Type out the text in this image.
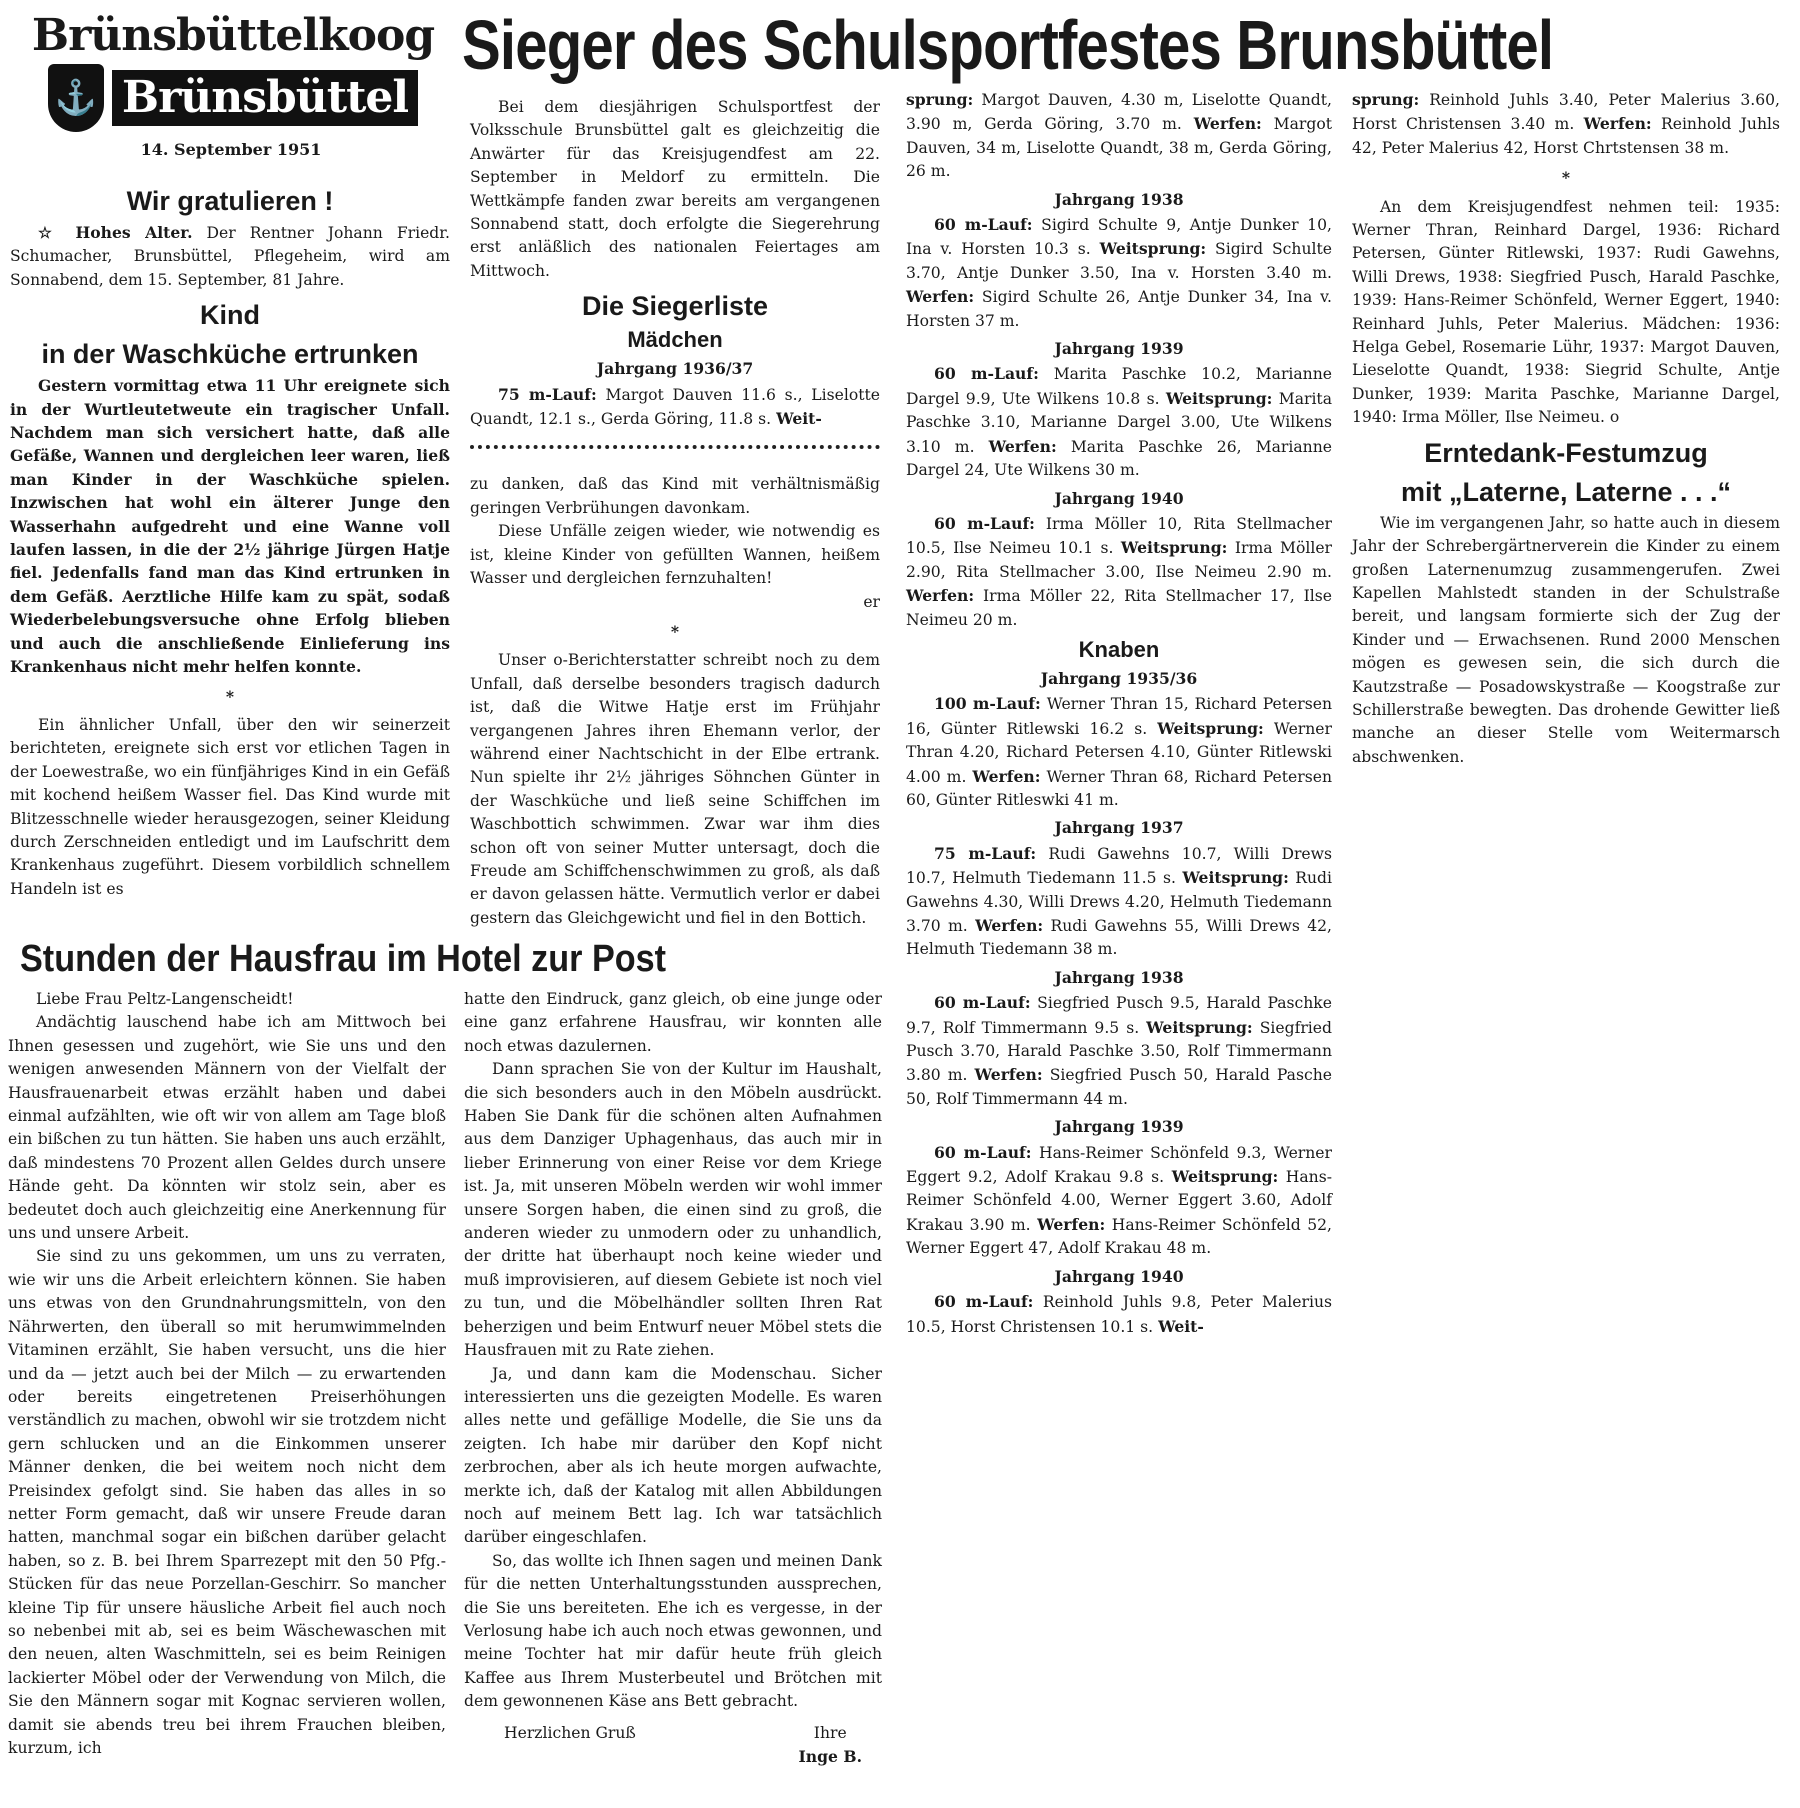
Brünsbüttelkoog
⚓ Brünsbüttel
14. September 1951
Sieger des Schulsportfestes Brunsbüttel
Wir gratulieren !

☆ Hohes Alter. Der Rentner Johann Friedr. Schumacher, Brunsbüttel, Pflegeheim, wird am Sonnabend, dem 15. September, 81 Jahre.

Kind
in der Waschküche ertrunken

Gestern vormittag etwa 11 Uhr ereignete sich in der Wurtleutetweute ein tragischer Unfall. Nachdem man sich versichert hatte, daß alle Gefäße, Wannen und dergleichen leer waren, ließ man Kinder in der Waschküche spielen. Inzwischen hat wohl ein älterer Junge den Wasserhahn aufgedreht und eine Wanne voll laufen lassen, in die der 2½ jährige Jürgen Hatje fiel. Jedenfalls fand man das Kind ertrunken in dem Gefäß. Aerztliche Hilfe kam zu spät, sodaß Wiederbelebungsversuche ohne Erfolg blieben und auch die anschließende Einlieferung ins Krankenhaus nicht mehr helfen konnte.

*

Ein ähnlicher Unfall, über den wir seinerzeit berichteten, ereignete sich erst vor etlichen Tagen in der Loewestraße, wo ein fünfjähriges Kind in ein Gefäß mit kochend heißem Wasser fiel. Das Kind wurde mit Blitzesschnelle wieder herausgezogen, seiner Kleidung durch Zerschneiden entledigt und im Laufschritt dem Krankenhaus zugeführt. Diesem vorbildlich schnellem Handeln ist es

Bei dem diesjährigen Schulsportfest der Volksschule Brunsbüttel galt es gleichzeitig die Anwärter für das Kreisjugendfest am 22. September in Meldorf zu ermitteln. Die Wettkämpfe fanden zwar bereits am vergangenen Sonnabend statt, doch erfolgte die Siegerehrung erst anläßlich des nationalen Feiertages am Mittwoch.

Die Siegerliste
Mädchen
Jahrgang 1936/37

75 m-Lauf: Margot Dauven 11.6 s., Liselotte Quandt, 12.1 s., Gerda Göring, 11.8 s. Weit-

zu danken, daß das Kind mit verhältnismäßig geringen Verbrühungen davonkam.

Diese Unfälle zeigen wieder, wie notwendig es ist, kleine Kinder von gefüllten Wannen, heißem Wasser und dergleichen fernzuhalten!

er
*

Unser o-Berichterstatter schreibt noch zu dem Unfall, daß derselbe besonders tragisch dadurch ist, daß die Witwe Hatje erst im Frühjahr vergangenen Jahres ihren Ehemann verlor, der während einer Nachtschicht in der Elbe ertrank. Nun spielte ihr 2½ jähriges Söhnchen Günter in der Waschküche und ließ seine Schiffchen im Waschbottich schwimmen. Zwar war ihm dies schon oft von seiner Mutter untersagt, doch die Freude am Schiffchenschwimmen zu groß, als daß er davon gelassen hätte. Vermutlich verlor er dabei gestern das Gleichgewicht und fiel in den Bottich.

sprung: Margot Dauven, 4.30 m, Liselotte Quandt, 3.90 m, Gerda Göring, 3.70 m. Werfen: Margot Dauven, 34 m, Liselotte Quandt, 38 m, Gerda Göring, 26 m.

Jahrgang 1938

60 m-Lauf: Sigird Schulte 9, Antje Dunker 10, Ina v. Horsten 10.3 s. Weitsprung: Sigird Schulte 3.70, Antje Dunker 3.50, Ina v. Horsten 3.40 m. Werfen: Sigird Schulte 26, Antje Dunker 34, Ina v. Horsten 37 m.

Jahrgang 1939

60 m-Lauf: Marita Paschke 10.2, Marianne Dargel 9.9, Ute Wilkens 10.8 s. Weitsprung: Marita Paschke 3.10, Marianne Dargel 3.00, Ute Wilkens 3.10 m. Werfen: Marita Paschke 26, Marianne Dargel 24, Ute Wilkens 30 m.

Jahrgang 1940

60 m-Lauf: Irma Möller 10, Rita Stellmacher 10.5, Ilse Neimeu 10.1 s. Weitsprung: Irma Möller 2.90, Rita Stellmacher 3.00, Ilse Neimeu 2.90 m. Werfen: Irma Möller 22, Rita Stellmacher 17, Ilse Neimeu 20 m.

Knaben
Jahrgang 1935/36

100 m-Lauf: Werner Thran 15, Richard Petersen 16, Günter Ritlewski 16.2 s. Weitsprung: Werner Thran 4.20, Richard Petersen 4.10, Günter Ritlewski 4.00 m. Werfen: Werner Thran 68, Richard Petersen 60, Günter Ritleswki 41 m.

Jahrgang 1937

75 m-Lauf: Rudi Gawehns 10.7, Willi Drews 10.7, Helmuth Tiedemann 11.5 s. Weitsprung: Rudi Gawehns 4.30, Willi Drews 4.20, Helmuth Tiedemann 3.70 m. Werfen: Rudi Gawehns 55, Willi Drews 42, Helmuth Tiedemann 38 m.

Jahrgang 1938

60 m-Lauf: Siegfried Pusch 9.5, Harald Paschke 9.7, Rolf Timmermann 9.5 s. Weitsprung: Siegfried Pusch 3.70, Harald Paschke 3.50, Rolf Timmermann 3.80 m. Werfen: Siegfried Pusch 50, Harald Pasche 50, Rolf Timmermann 44 m.

Jahrgang 1939

60 m-Lauf: Hans-Reimer Schönfeld 9.3, Werner Eggert 9.2, Adolf Krakau 9.8 s. Weitsprung: Hans-Reimer Schönfeld 4.00, Werner Eggert 3.60, Adolf Krakau 3.90 m. Werfen: Hans-Reimer Schönfeld 52, Werner Eggert 47, Adolf Krakau 48 m.

Jahrgang 1940

60 m-Lauf: Reinhold Juhls 9.8, Peter Malerius 10.5, Horst Christensen 10.1 s. Weit-

sprung: Reinhold Juhls 3.40, Peter Malerius 3.60, Horst Christensen 3.40 m. Werfen: Reinhold Juhls 42, Peter Malerius 42, Horst Chrtstensen 38 m.

*

An dem Kreisjugendfest nehmen teil: 1935: Werner Thran, Reinhard Dargel, 1936: Richard Petersen, Günter Ritlewski, 1937: Rudi Gawehns, Willi Drews, 1938: Siegfried Pusch, Harald Paschke, 1939: Hans-Reimer Schönfeld, Werner Eggert, 1940: Reinhard Juhls, Peter Malerius. Mädchen: 1936: Helga Gebel, Rosemarie Lühr, 1937: Margot Dauven, Lieselotte Quandt, 1938: Siegrid Schulte, Antje Dunker, 1939: Marita Paschke, Marianne Dargel, 1940: Irma Möller, Ilse Neimeu. o

Erntedank-Festumzug
mit „Laterne, Laterne . . .“

Wie im vergangenen Jahr, so hatte auch in diesem Jahr der Schrebergärtnerverein die Kinder zu einem großen Laternenumzug zusammengerufen. Zwei Kapellen Mahlstedt standen in der Schulstraße bereit, und langsam formierte sich der Zug der Kinder und — Erwachsenen. Rund 2000 Menschen mögen es gewesen sein, die sich durch die Kautzstraße — Posadowskystraße — Koogstraße zur Schillerstraße bewegten. Das drohende Gewitter ließ manche an dieser Stelle vom Weitermarsch abschwenken.

Stunden der Hausfrau im Hotel zur Post

Liebe Frau Peltz-Langenscheidt!

Andächtig lauschend habe ich am Mittwoch bei Ihnen gesessen und zugehört, wie Sie uns und den wenigen anwesenden Männern von der Vielfalt der Hausfrauenarbeit etwas erzählt haben und dabei einmal aufzählten, wie oft wir von allem am Tage bloß ein bißchen zu tun hätten. Sie haben uns auch erzählt, daß mindestens 70 Prozent allen Geldes durch unsere Hände geht. Da könnten wir stolz sein, aber es bedeutet doch auch gleichzeitig eine Anerkennung für uns und unsere Arbeit.

Sie sind zu uns gekommen, um uns zu verraten, wie wir uns die Arbeit erleichtern können. Sie haben uns etwas von den Grundnahrungsmitteln, von den Nährwerten, den überall so mit herumwimmelnden Vitaminen erzählt, Sie haben versucht, uns die hier und da — jetzt auch bei der Milch — zu erwartenden oder bereits eingetretenen Preiserhöhungen verständlich zu machen, obwohl wir sie trotzdem nicht gern schlucken und an die Einkommen unserer Männer denken, die bei weitem noch nicht dem Preisindex gefolgt sind. Sie haben das alles in so netter Form gemacht, daß wir unsere Freude daran hatten, manchmal sogar ein bißchen darüber gelacht haben, so z. B. bei Ihrem Sparrezept mit den 50 Pfg.-Stücken für das neue Porzellan-Geschirr. So mancher kleine Tip für unsere häusliche Arbeit fiel auch noch so nebenbei mit ab, sei es beim Wäschewaschen mit den neuen, alten Waschmitteln, sei es beim Reinigen lackierter Möbel oder der Verwendung von Milch, die Sie den Männern sogar mit Kognac servieren wollen, damit sie abends treu bei ihrem Frauchen bleiben, kurzum, ich

hatte den Eindruck, ganz gleich, ob eine junge oder eine ganz erfahrene Hausfrau, wir konnten alle noch etwas dazulernen.

Dann sprachen Sie von der Kultur im Haushalt, die sich besonders auch in den Möbeln ausdrückt. Haben Sie Dank für die schönen alten Aufnahmen aus dem Danziger Uphagenhaus, das auch mir in lieber Erinnerung von einer Reise vor dem Kriege ist. Ja, mit unseren Möbeln werden wir wohl immer unsere Sorgen haben, die einen sind zu groß, die anderen wieder zu unmodern oder zu unhandlich, der dritte hat überhaupt noch keine wieder und muß improvisieren, auf diesem Gebiete ist noch viel zu tun, und die Möbelhändler sollten Ihren Rat beherzigen und beim Entwurf neuer Möbel stets die Hausfrauen mit zu Rate ziehen.

Ja, und dann kam die Modenschau. Sicher interessierten uns die gezeigten Modelle. Es waren alles nette und gefällige Modelle, die Sie uns da zeigten. Ich habe mir darüber den Kopf nicht zerbrochen, aber als ich heute morgen aufwachte, merkte ich, daß der Katalog mit allen Abbildungen noch auf meinem Bett lag. Ich war tatsächlich darüber eingeschlafen.

So, das wollte ich Ihnen sagen und meinen Dank für die netten Unterhaltungsstunden aussprechen, die Sie uns bereiteten. Ehe ich es vergesse, in der Verlosung habe ich auch noch etwas gewonnen, und meine Tochter hat mir dafür heute früh gleich Kaffee aus Ihrem Musterbeutel und Brötchen mit dem gewonnenen Käse ans Bett gebracht.

Herzlichen Gruß	Ihre
Inge B.
